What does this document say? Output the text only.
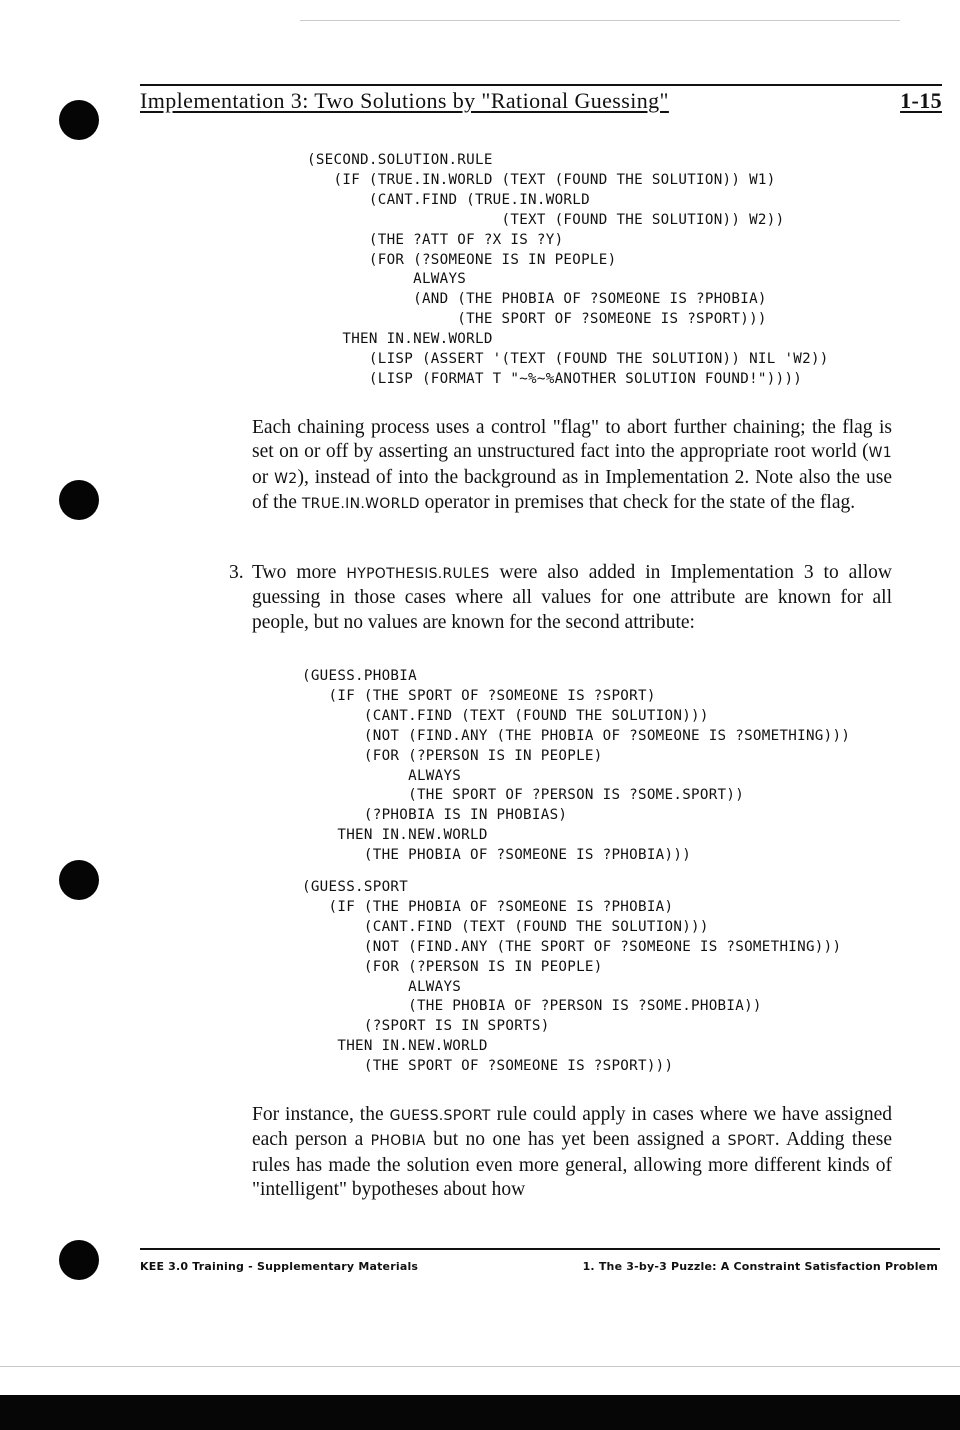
Implementation 3: Two Solutions by "Rational Guessing"	1-15
(SECOND.SOLUTION.RULE
(IF (TRUE.IN.WORLD (TEXT (FOUND THE SOLUTION)) W1)
(CANT.FIND (TRUE.IN.WORLD
(TEXT (FOUND THE SOLUTION)) W2))
(THE ?ATT OF ?X IS ?Y)
(FOR (?SOMEONE IS IN PEOPLE)
ALWAYS
(AND (THE PHOBIA OF ?SOMEONE IS ?PHOBIA)
(THE SPORT OF ?SOMEONE IS ?SPORT)))
THEN IN.NEW.WORLD
(LISP (ASSERT '(TEXT (FOUND THE SOLUTION)) NIL 'W2))
(LISP (FORMAT T "~%~%ANOTHER SOLUTION FOUND!"))))

Each chaining process uses a control "flag" to abort further chaining; the flag is set on or off by asserting an unstructured fact into the appropriate root world (W1 or W2), instead of into the background as in Implementation 2. Note also the use of the TRUE.IN.WORLD operator in premises that check for the state of the flag.

3. Two more HYPOTHESIS.RULES were also added in Implementation 3 to allow guessing in those cases where all values for one attribute are known for all people, but no values are known for the second attribute:

(GUESS.PHOBIA
(IF (THE SPORT OF ?SOMEONE IS ?SPORT)
(CANT.FIND (TEXT (FOUND THE SOLUTION)))
(NOT (FIND.ANY (THE PHOBIA OF ?SOMEONE IS ?SOMETHING)))
(FOR (?PERSON IS IN PEOPLE)
ALWAYS
(THE SPORT OF ?PERSON IS ?SOME.SPORT))
(?PHOBIA IS IN PHOBIAS)
THEN IN.NEW.WORLD
(THE PHOBIA OF ?SOMEONE IS ?PHOBIA)))
(GUESS.SPORT
(IF (THE PHOBIA OF ?SOMEONE IS ?PHOBIA)
(CANT.FIND (TEXT (FOUND THE SOLUTION)))
(NOT (FIND.ANY (THE SPORT OF ?SOMEONE IS ?SOMETHING)))
(FOR (?PERSON IS IN PEOPLE)
ALWAYS
(THE PHOBIA OF ?PERSON IS ?SOME.PHOBIA))
(?SPORT IS IN SPORTS)
THEN IN.NEW.WORLD
(THE SPORT OF ?SOMEONE IS ?SPORT)))

For instance, the GUESS.SPORT rule could apply in cases where we have assigned each person a PHOBIA but no one has yet been assigned a SPORT. Adding these rules has made the solution even more general, allowing more different kinds of "intelligent" bypotheses about how

KEE 3.0 Training - Supplementary Materials	1. The 3-by-3 Puzzle: A Constraint Satisfaction Problem
